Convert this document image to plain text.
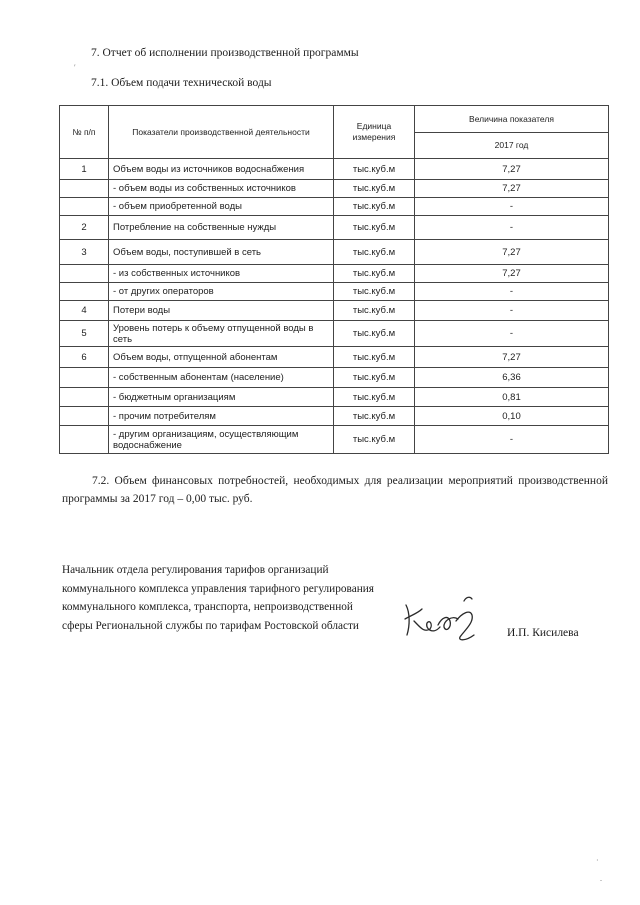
7. Отчет об исполнении производственной программы
′
7.1. Объем подачи технической воды
№ п/п	Показатели производственной деятельности	Единица измерения	Величина показателя
			2017 год
1	Объем воды из источников водоснабжения	тыс.куб.м	7,27
	- объем воды из собственных источников	тыс.куб.м	7,27
	- объем приобретенной воды	тыс.куб.м	-
2	Потребление на собственные нужды	тыс.куб.м	-
3	Объем воды, поступившей в сеть	тыс.куб.м	7,27
	- из собственных источников	тыс.куб.м	7,27
	- от других операторов	тыс.куб.м	-
4	Потери воды	тыс.куб.м	-
5	Уровень потерь к объему отпущенной воды в сеть	тыс.куб.м	-
6	Объем воды, отпущенной абонентам	тыс.куб.м	7,27
	- собственным абонентам (население)	тыс.куб.м	6,36
	- бюджетным организациям	тыс.куб.м	0,81
	- прочим потребителям	тыс.куб.м	0,10
	- другим организациям, осуществляющим водоснабжение	тыс.куб.м	-
7.2. Объем финансовых потребностей, необходимых для реализации мероприятий производственной программы за 2017 год – 0,00 тыс. руб.
Начальник отдела регулирования тарифов организаций коммунального комплекса управления тарифного регулирования коммунального комплекса, транспорта, непроизводственной сферы Региональной службы по тарифам Ростовской области
И.П. Кисилева
·
.
